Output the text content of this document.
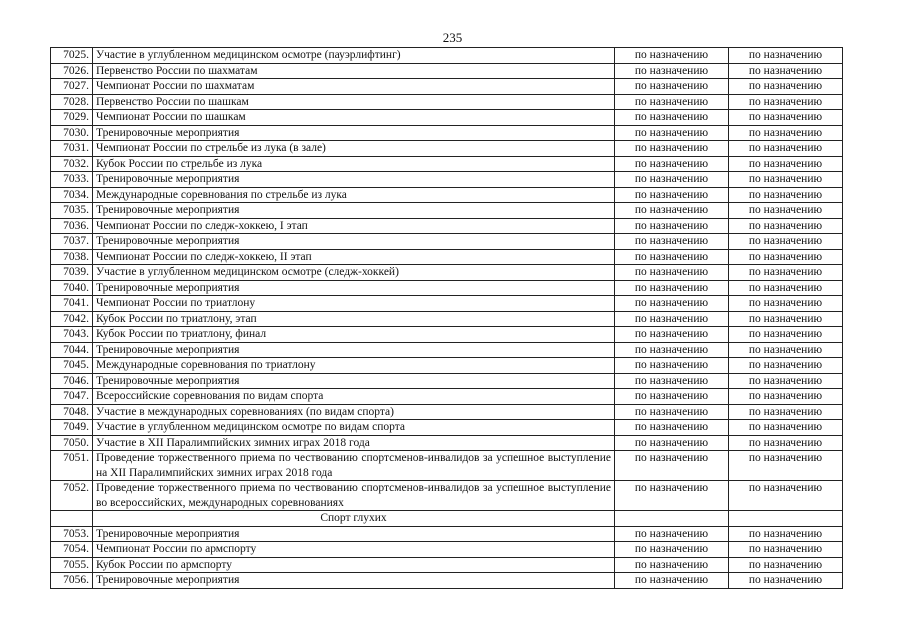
235
7025.	Участие в углубленном медицинском осмотре (пауэрлифтинг)	по назначению	по назначению
7026.	Первенство России по шахматам	по назначению	по назначению
7027.	Чемпионат России по шахматам	по назначению	по назначению
7028.	Первенство России по шашкам	по назначению	по назначению
7029.	Чемпионат России по шашкам	по назначению	по назначению
7030.	Тренировочные мероприятия	по назначению	по назначению
7031.	Чемпионат России по стрельбе из лука (в зале)	по назначению	по назначению
7032.	Кубок России по стрельбе из лука	по назначению	по назначению
7033.	Тренировочные мероприятия	по назначению	по назначению
7034.	Международные соревнования по стрельбе из лука	по назначению	по назначению
7035.	Тренировочные мероприятия	по назначению	по назначению
7036.	Чемпионат России по следж-хоккею, I этап	по назначению	по назначению
7037.	Тренировочные мероприятия	по назначению	по назначению
7038.	Чемпионат России по следж-хоккею, II этап	по назначению	по назначению
7039.	Участие в углубленном медицинском осмотре (следж-хоккей)	по назначению	по назначению
7040.	Тренировочные мероприятия	по назначению	по назначению
7041.	Чемпионат России по триатлону	по назначению	по назначению
7042.	Кубок России по триатлону, этап	по назначению	по назначению
7043.	Кубок России по триатлону, финал	по назначению	по назначению
7044.	Тренировочные мероприятия	по назначению	по назначению
7045.	Международные соревнования по триатлону	по назначению	по назначению
7046.	Тренировочные мероприятия	по назначению	по назначению
7047.	Всероссийские соревнования по видам спорта	по назначению	по назначению
7048.	Участие в международных соревнованиях (по видам спорта)	по назначению	по назначению
7049.	Участие в углубленном медицинском осмотре по видам спорта	по назначению	по назначению
7050.	Участие в XII Паралимпийских зимних играх 2018 года	по назначению	по назначению
7051.	Проведение торжественного приема по чествованию спортсменов-инвалидов за успешное выступление на XII Паралимпийских зимних играх 2018 года	по назначению	по назначению
7052.	Проведение торжественного приема по чествованию спортсменов-инвалидов за успешное выступление во всероссийских, международных соревнованиях	по назначению	по назначению
	Спорт глухих		
7053.	Тренировочные мероприятия	по назначению	по назначению
7054.	Чемпионат России по армспорту	по назначению	по назначению
7055.	Кубок России по армспорту	по назначению	по назначению
7056.	Тренировочные мероприятия	по назначению	по назначению
